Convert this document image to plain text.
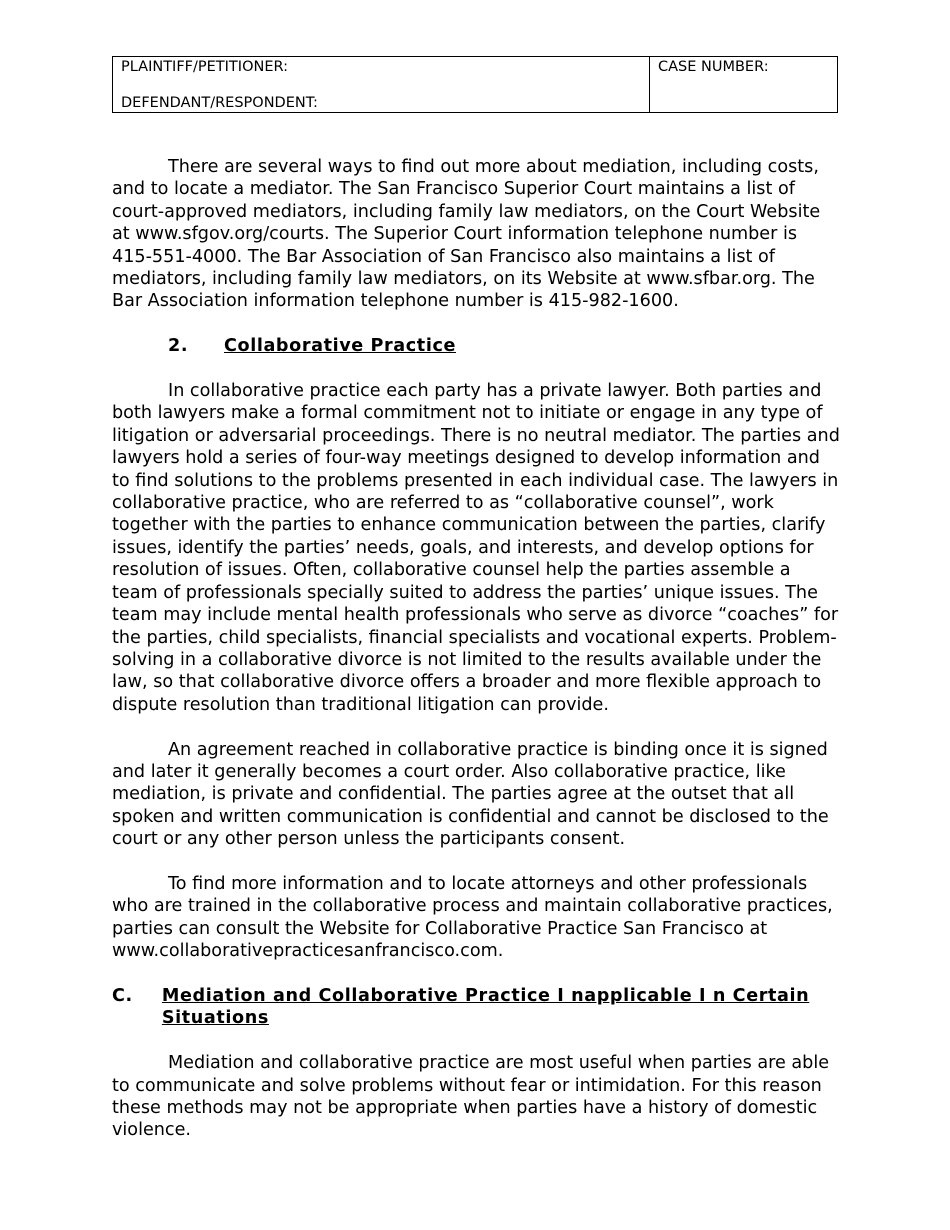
PLAINTIFF/PETITIONER:
DEFENDANT/RESPONDENT:
CASE NUMBER:

There are several ways to find out more about mediation, including costs, and to locate a mediator. The San Francisco Superior Court maintains a list of court-approved mediators, including family law mediators, on the Court Website at www.sfgov.org/courts. The Superior Court information telephone number is 415-551-4000. The Bar Association of San Francisco also maintains a list of mediators, including family law mediators, on its Website at www.sfbar.org. The Bar Association information telephone number is 415-982-1600.

2.	Collaborative Practice

In collaborative practice each party has a private lawyer. Both parties and both lawyers make a formal commitment not to initiate or engage in any type of litigation or adversarial proceedings. There is no neutral mediator. The parties and lawyers hold a series of four-way meetings designed to develop information and to find solutions to the problems presented in each individual case. The lawyers in collaborative practice, who are referred to as “collaborative counsel”, work together with the parties to enhance communication between the parties, clarify issues, identify the parties’ needs, goals, and interests, and develop options for resolution of issues. Often, collaborative counsel help the parties assemble a team of professionals specially suited to address the parties’ unique issues. The team may include mental health professionals who serve as divorce “coaches” for the parties, child specialists, financial specialists and vocational experts. Problem-solving in a collaborative divorce is not limited to the results available under the law, so that collaborative divorce offers a broader and more flexible approach to dispute resolution than traditional litigation can provide.

An agreement reached in collaborative practice is binding once it is signed and later it generally becomes a court order. Also collaborative practice, like mediation, is private and confidential. The parties agree at the outset that all spoken and written communication is confidential and cannot be disclosed to the court or any other person unless the participants consent.

To find more information and to locate attorneys and other professionals who are trained in the collaborative process and maintain collaborative practices, parties can consult the Website for Collaborative Practice San Francisco at www.collaborativepracticesanfrancisco.com.

C.	Mediation and Collaborative Practice I napplicable I n Certain Situations

Mediation and collaborative practice are most useful when parties are able to communicate and solve problems without fear or intimidation. For this reason these methods may not be appropriate when parties have a history of domestic violence.
